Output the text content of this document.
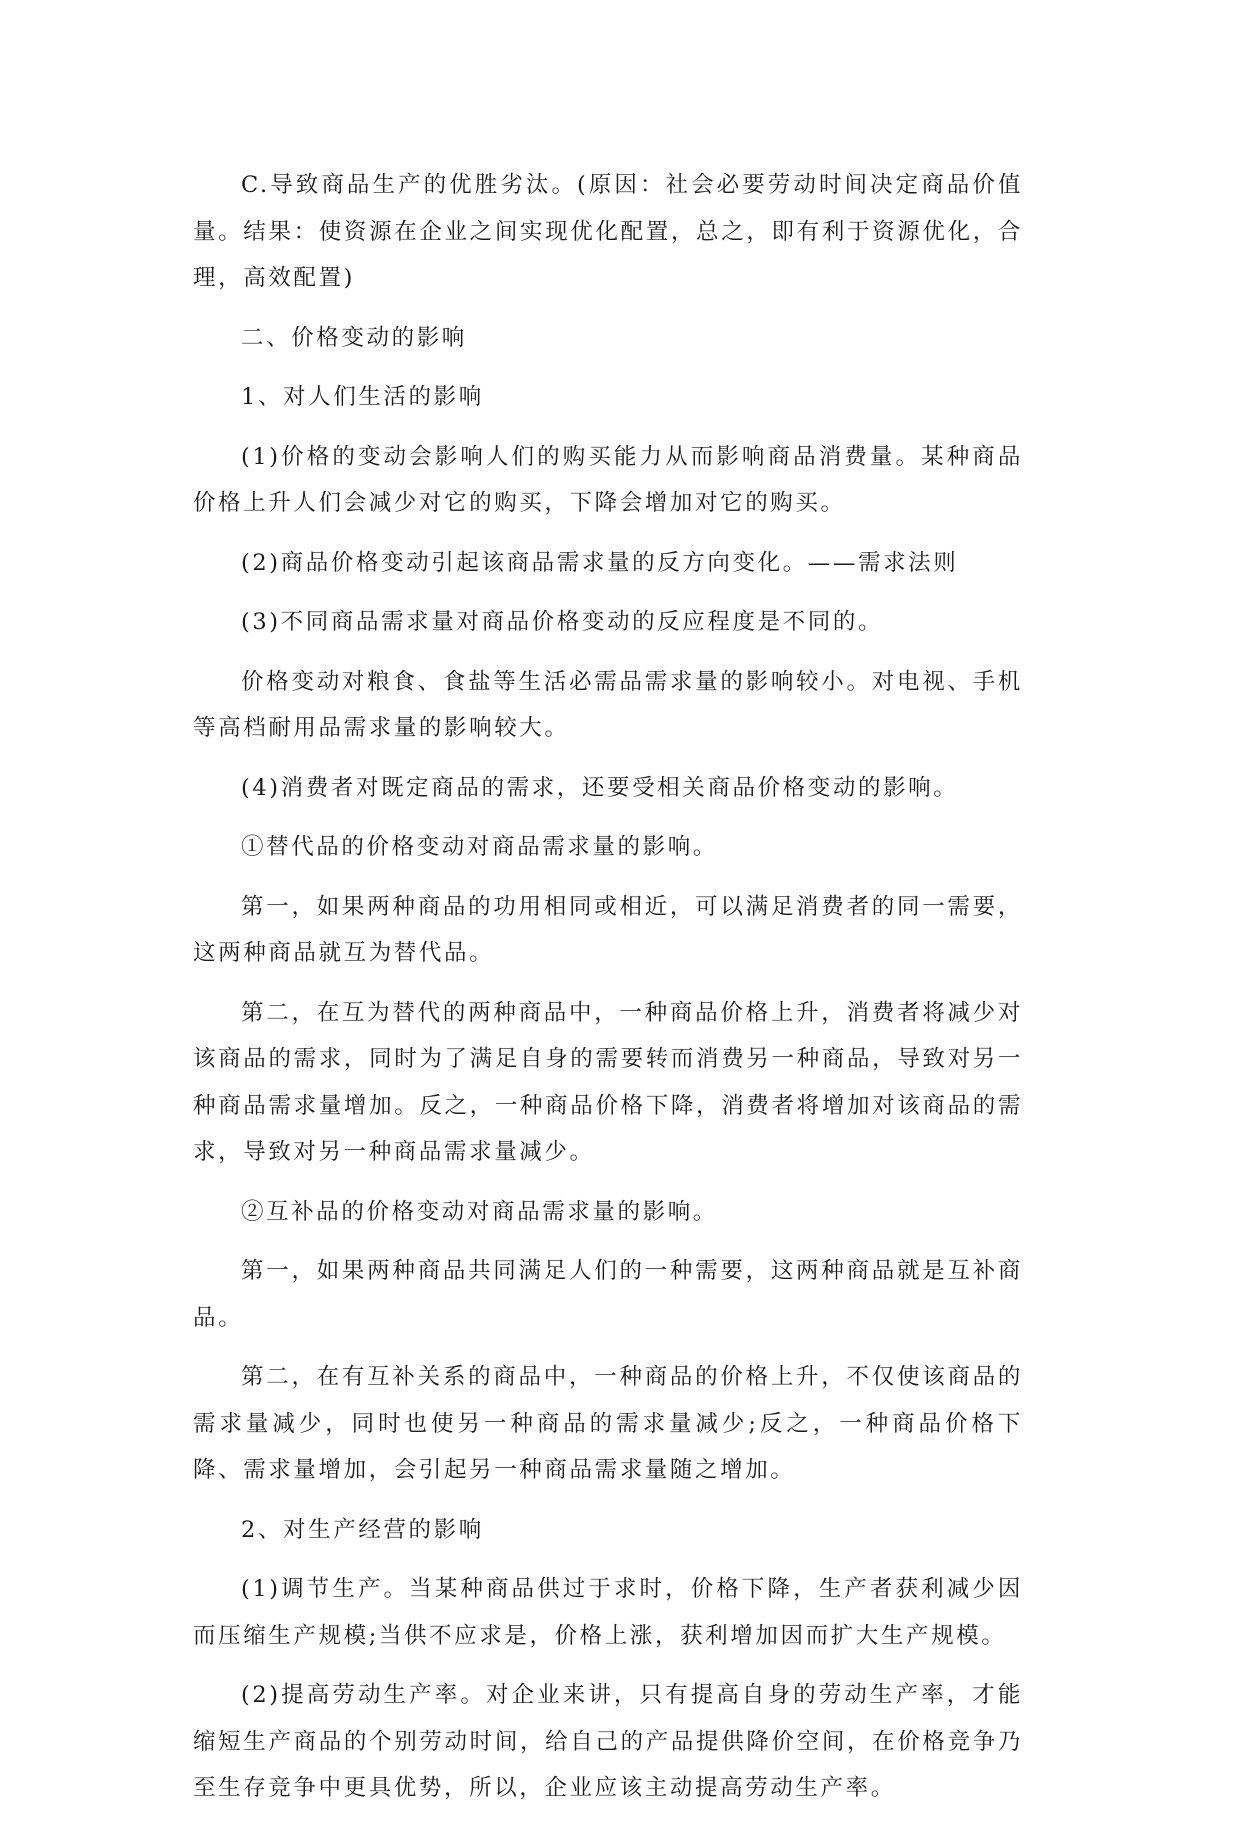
C.导致商品生产的优胜劣汰。(原因：社会必要劳动时间决定商品价值量。结果：使资源在企业之间实现优化配置，总之，即有利于资源优化，合理，高效配置)

二、价格变动的影响

1、对人们生活的影响

(1)价格的变动会影响人们的购买能力从而影响商品消费量。某种商品价格上升人们会减少对它的购买，下降会增加对它的购买。

(2)商品价格变动引起该商品需求量的反方向变化。——需求法则

(3)不同商品需求量对商品价格变动的反应程度是不同的。

价格变动对粮食、食盐等生活必需品需求量的影响较小。对电视、手机等高档耐用品需求量的影响较大。

(4)消费者对既定商品的需求，还要受相关商品价格变动的影响。

①替代品的价格变动对商品需求量的影响。

第一，如果两种商品的功用相同或相近，可以满足消费者的同一需要，这两种商品就互为替代品。

第二，在互为替代的两种商品中，一种商品价格上升，消费者将减少对该商品的需求，同时为了满足自身的需要转而消费另一种商品，导致对另一种商品需求量增加。反之，一种商品价格下降，消费者将增加对该商品的需求，导致对另一种商品需求量减少。

②互补品的价格变动对商品需求量的影响。

第一，如果两种商品共同满足人们的一种需要，这两种商品就是互补商品。

第二，在有互补关系的商品中，一种商品的价格上升，不仅使该商品的需求量减少，同时也使另一种商品的需求量减少;反之，一种商品价格下降、需求量增加，会引起另一种商品需求量随之增加。

2、对生产经营的影响

(1)调节生产。当某种商品供过于求时，价格下降，生产者获利减少因而压缩生产规模;当供不应求是，价格上涨，获利增加因而扩大生产规模。

(2)提高劳动生产率。对企业来讲，只有提高自身的劳动生产率，才能缩短生产商品的个别劳动时间，给自己的产品提供降价空间，在价格竞争乃至生存竞争中更具优势，所以，企业应该主动提高劳动生产率。
